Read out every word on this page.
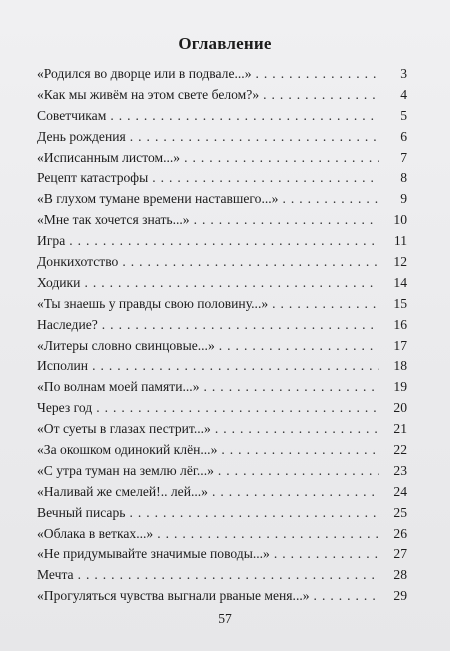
Оглавление
«Родился во дворце или в подвале...» . . .	3
«Как мы живём на этом свете белом?» . . .	4
Советчикам . . .	5
День рождения . . .	6
«Исписанным листом...» . . .	7
Рецепт катастрофы . . .	8
«В глухом тумане времени наставшего...» . . .	9
«Мне так хочется знать...» . . .	10
Игра . . .	11
Донкихотство . . .	12
Ходики . . .	14
«Ты знаешь у правды свою половину...» . . .	15
Наследие? . . .	16
«Литеры словно свинцовые...» . . .	17
Исполин . . .	18
«По волнам моей памяти...» . . .	19
Через год . . .	20
«От суеты в глазах пестрит...» . . .	21
«За окошком одинокий клён...» . . .	22
«С утра туман на землю лёг...» . . .	23
«Наливай же смелей!.. лей...» . . .	24
Вечный писарь . . .	25
«Облака в ветках...» . . .	26
«Не придумывайте значимые поводы...» . . .	27
Мечта . . .	28
«Прогуляться чувства выгнали рваные меня...» . . .	29
57
